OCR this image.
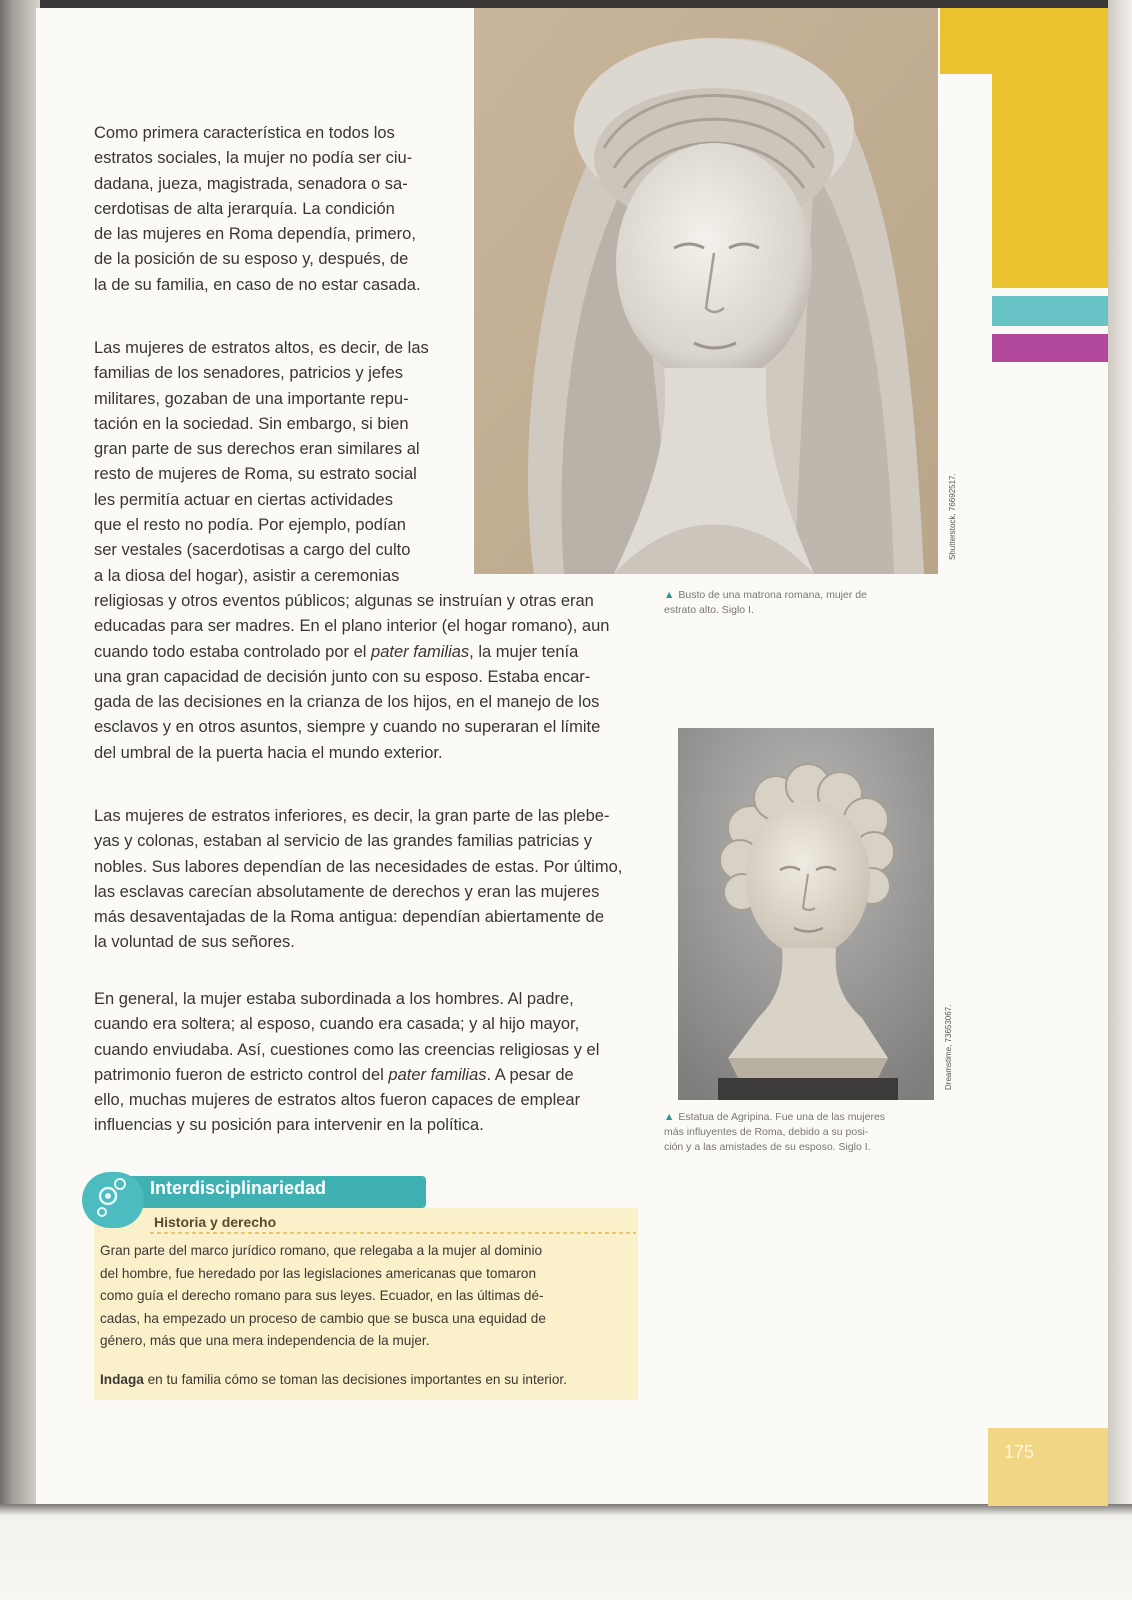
175
Shutterstock, 76692517.
▲ Busto de una matrona romana, mujer de
estrato alto. Siglo I.
Dreamstime, 73653067.
▲ Estatua de Agripina. Fue una de las mujeres
más influyentes de Roma, debido a su posi-
ción y a las amistades de su esposo. Siglo I.
Como primera característica en todos los
estratos sociales, la mujer no podía ser ciu-
dadana, jueza, magistrada, senadora o sa-
cerdotisas de alta jerarquía. La condición
de las mujeres en Roma dependía, primero,
de la posición de su esposo y, después, de
la de su familia, en caso de no estar casada.
Las mujeres de estratos altos, es decir, de las
familias de los senadores, patricios y jefes
militares, gozaban de una importante repu-
tación en la sociedad. Sin embargo, si bien
gran parte de sus derechos eran similares al
resto de mujeres de Roma, su estrato social
les permitía actuar en ciertas actividades
que el resto no podía. Por ejemplo, podían
ser vestales (sacerdotisas a cargo del culto
a la diosa del hogar), asistir a ceremonias
religiosas y otros eventos públicos; algunas se instruían y otras eran
educadas para ser madres. En el plano interior (el hogar romano), aun
cuando todo estaba controlado por el pater familias, la mujer tenía
una gran capacidad de decisión junto con su esposo. Estaba encar-
gada de las decisiones en la crianza de los hijos, en el manejo de los
esclavos y en otros asuntos, siempre y cuando no superaran el límite
del umbral de la puerta hacia el mundo exterior.
Las mujeres de estratos inferiores, es decir, la gran parte de las plebe-
yas y colonas, estaban al servicio de las grandes familias patricias y
nobles. Sus labores dependían de las necesidades de estas. Por último,
las esclavas carecían absolutamente de derechos y eran las mujeres
más desaventajadas de la Roma antigua: dependían abiertamente de
la voluntad de sus señores.
En general, la mujer estaba subordinada a los hombres. Al padre,
cuando era soltera; al esposo, cuando era casada; y al hijo mayor,
cuando enviudaba. Así, cuestiones como las creencias religiosas y el
patrimonio fueron de estricto control del pater familias. A pesar de
ello, muchas mujeres de estratos altos fueron capaces de emplear
influencias y su posición para intervenir en la política.
Interdisciplinariedad
Historia y derecho
Gran parte del marco jurídico romano, que relegaba a la mujer al dominio
del hombre, fue heredado por las legislaciones americanas que tomaron
como guía el derecho romano para sus leyes. Ecuador, en las últimas dé-
cadas, ha empezado un proceso de cambio que se busca una equidad de
género, más que una mera independencia de la mujer.
Indaga en tu familia cómo se toman las decisiones importantes en su interior.
